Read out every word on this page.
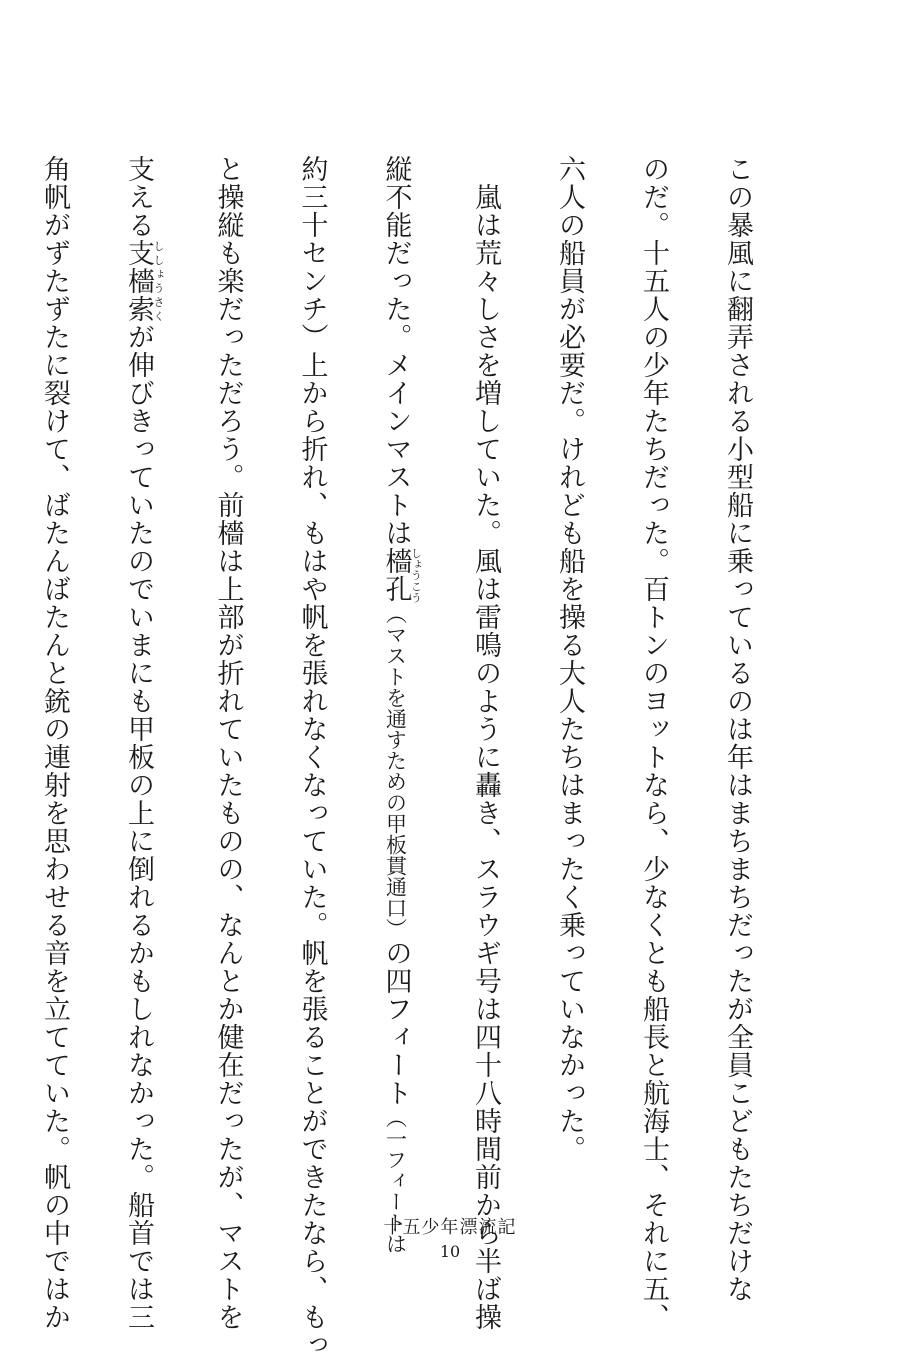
この暴風に翻弄される小型船に乗っているのは年はまちまちだったが全員こどもたちだけな

のだ。十五人の少年たちだった。百トンのヨットなら、少なくとも船長と航海士、それに五、

六人の船員が必要だ。けれども船を操る大人たちはまったく乗っていなかった。

　嵐は荒々しさを増していた。風は雷鳴のように轟き、スラウギ号は四十八時間前から半ば操

縦不能だった。メインマストは檣孔しょうこう（マストを通すための甲板貫通口）の四フィート（一フィートは

約三十センチ）上から折れ、もはや帆を張れなくなっていた。帆を張ることができたなら、もっ

と操縦も楽だっただろう。前檣は上部が折れていたものの、なんとか健在だったが、マストを

支える支檣索ししょうさくが伸びきっていたのでいまにも甲板の上に倒れるかもしれなかった。船首では三

角帆がずたずたに裂けて、ばたんばたんと銃の連射を思わせる音を立てていた。帆の中ではか	十五少年漂流記
10
